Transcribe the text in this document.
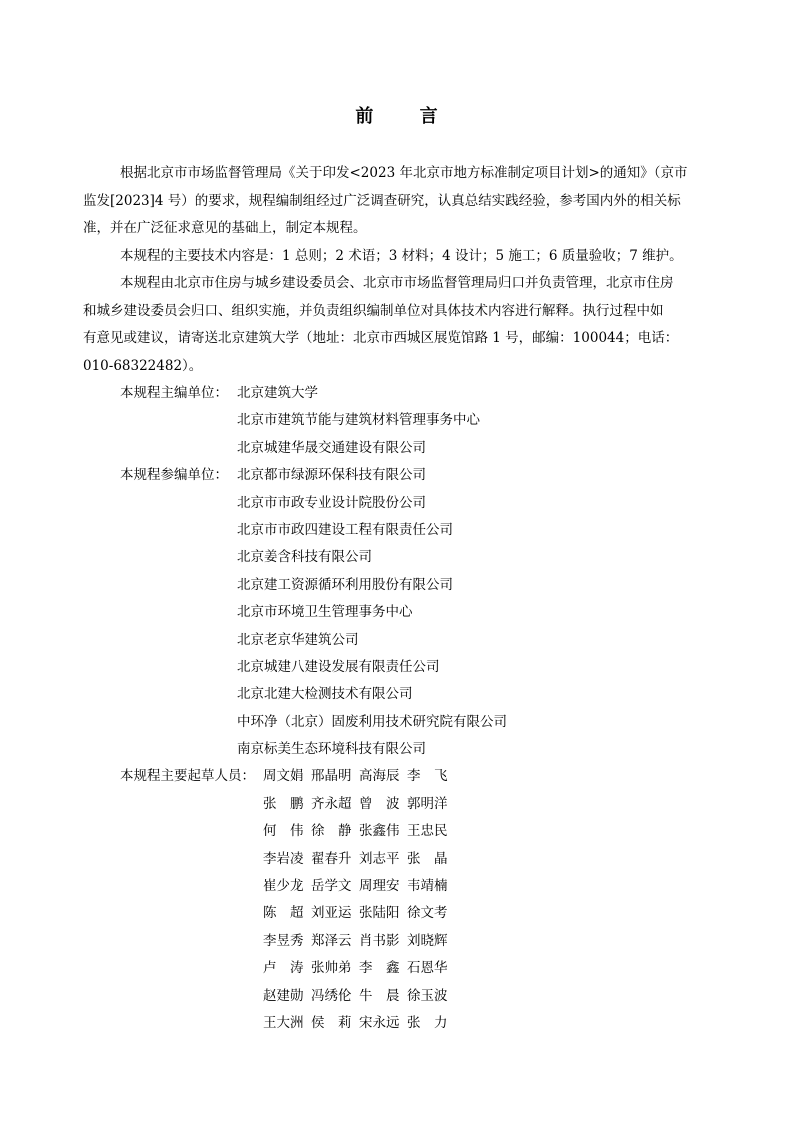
前 言
根据北京市市场监督管理局《关于印发<2023 年北京市地方标准制定项目计划>的通知》（京市
监发[2023]4 号）的要求，规程编制组经过广泛调查研究，认真总结实践经验，参考国内外的相关标
准，并在广泛征求意见的基础上，制定本规程。
本规程的主要技术内容是：1 总则；2 术语；3 材料；4 设计；5 施工；6 质量验收；7 维护。
本规程由北京市住房与城乡建设委员会、北京市市场监督管理局归口并负责管理，北京市住房
和城乡建设委员会归口、组织实施，并负责组织编制单位对具体技术内容进行解释。执行过程中如
有意见或建议，请寄送北京建筑大学（地址：北京市西城区展览馆路 1 号，邮编：100044；电话：
010-68322482）。
本规程主编单位： 北京建筑大学
北京市建筑节能与建筑材料管理事务中心
北京城建华晟交通建设有限公司
本规程参编单位： 北京都市绿源环保科技有限公司
北京市市政专业设计院股份公司
北京市市政四建设工程有限责任公司
北京姜含科技有限公司
北京建工资源循环利用股份有限公司
北京市环境卫生管理事务中心
北京老京华建筑公司
北京城建八建设发展有限责任公司
北京北建大检测技术有限公司
中环净（北京）固废利用技术研究院有限公司
南京标美生态环境科技有限公司
本规程主要起草人员： 周文娟 邢晶明 高海辰 李　飞
张　鹏 齐永超 曾　波 郭明洋
何　伟 徐　静 张鑫伟 王忠民
李岩凌 翟春升 刘志平 张　晶
崔少龙 岳学文 周理安 韦靖楠
陈　超 刘亚运 张陆阳 徐文考
李昱秀 郑泽云 肖书影 刘晓辉
卢　涛 张帅弟 李　鑫 石恩华
赵建勋 冯绣伦 牛　晨 徐玉波
王大洲 侯　莉 宋永远 张　力
